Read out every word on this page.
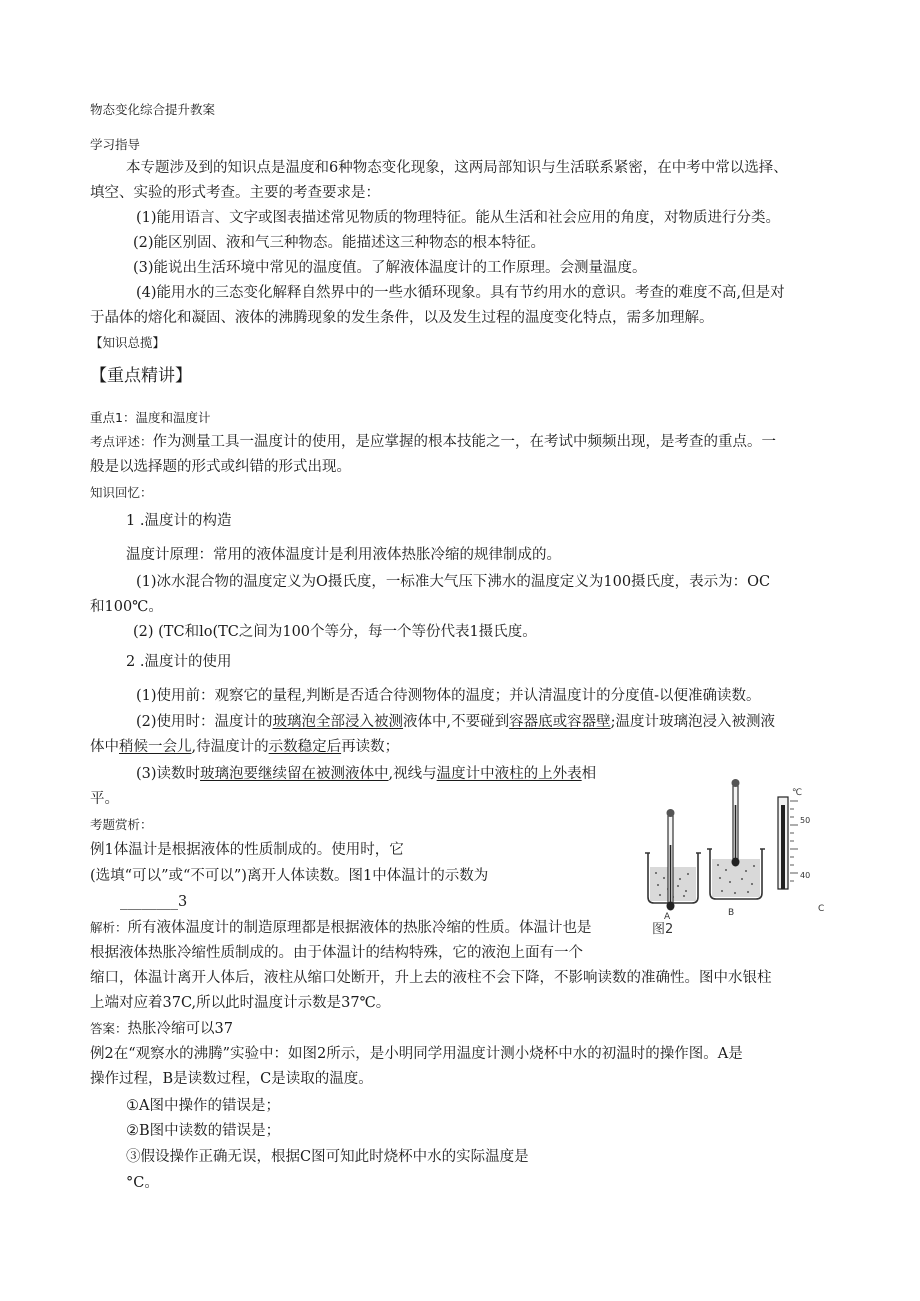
物态变化综合提升教案
学习指导
本专题涉及到的知识点是温度和6种物态变化现象，这两局部知识与生活联系紧密，在中考中常以选择、
填空、实验的形式考查。主要的考查要求是：
(1)能用语言、文字或图表描述常见物质的物理特征。能从生活和社会应用的角度，对物质进行分类。
(2)能区别固、液和气三种物态。能描述这三种物态的根本特征。
(3)能说出生活环境中常见的温度值。了解液体温度计的工作原理。会测量温度。
(4)能用水的三态变化解释自然界中的一些水循环现象。具有节约用水的意识。考查的难度不高,但是对
于晶体的熔化和凝固、液体的沸腾现象的发生条件，以及发生过程的温度变化特点，需多加理解。
【知识总揽】
【重点精讲】
重点1：温度和温度计
考点评述：作为测量工具一温度计的使用，是应掌握的根本技能之一，在考试中频频出现，是考查的重点。一
般是以选择题的形式或纠错的形式出现。
知识回忆：
1 .温度计的构造
温度计原理：常用的液体温度计是利用液体热胀冷缩的规律制成的。
(1)冰水混合物的温度定义为O摄氏度，一标准大气压下沸水的温度定义为100摄氏度，表示为：OC
和100℃。
(2) (TC和lo(TC之间为100个等分，每一个等份代表1摄氏度。
2 .温度计的使用
(1)使用前：观察它的量程,判断是否适合待测物体的温度；并认清温度计的分度值-以便准确读数。
(2)使用时：温度计的玻璃泡全部浸入被测液体中,不要碰到容器底或容器壁;温度计玻璃泡浸入被测液
体中稍候一会儿,待温度计的示数稳定后再读数；
(3)读数时玻璃泡要继续留在被测液体中,视线与温度计中液柱的上外表相
平。
考题赏析：
例1体温计是根据液体的性质制成的。使用时，它
(选填“可以”或“不可以”)离开人体读数。图1中体温计的示数为
________3
解析：所有液体温度计的制造原理都是根据液体的热胀冷缩的性质。体温计也是
根据液体热胀冷缩性质制成的。由于体温计的结构特殊，它的液泡上面有一个
缩口，体温计离开人体后，液柱从缩口处断开，升上去的液柱不会下降，不影响读数的准确性。图中水银柱
上端对应着37C,所以此时温度计示数是37℃。
答案：热胀冷缩可以37
例2在“观察水的沸腾”实验中：如图2所示，是小明同学用温度计测小烧杯中水的初温时的操作图。A是
操作过程，B是读数过程，C是读取的温度。
①A图中操作的错误是；
②B图中读数的错误是；
③假设操作正确无误，根据C图可知此时烧杯中水的实际温度是
°C。
A	B
℃
50
40
C
图2
